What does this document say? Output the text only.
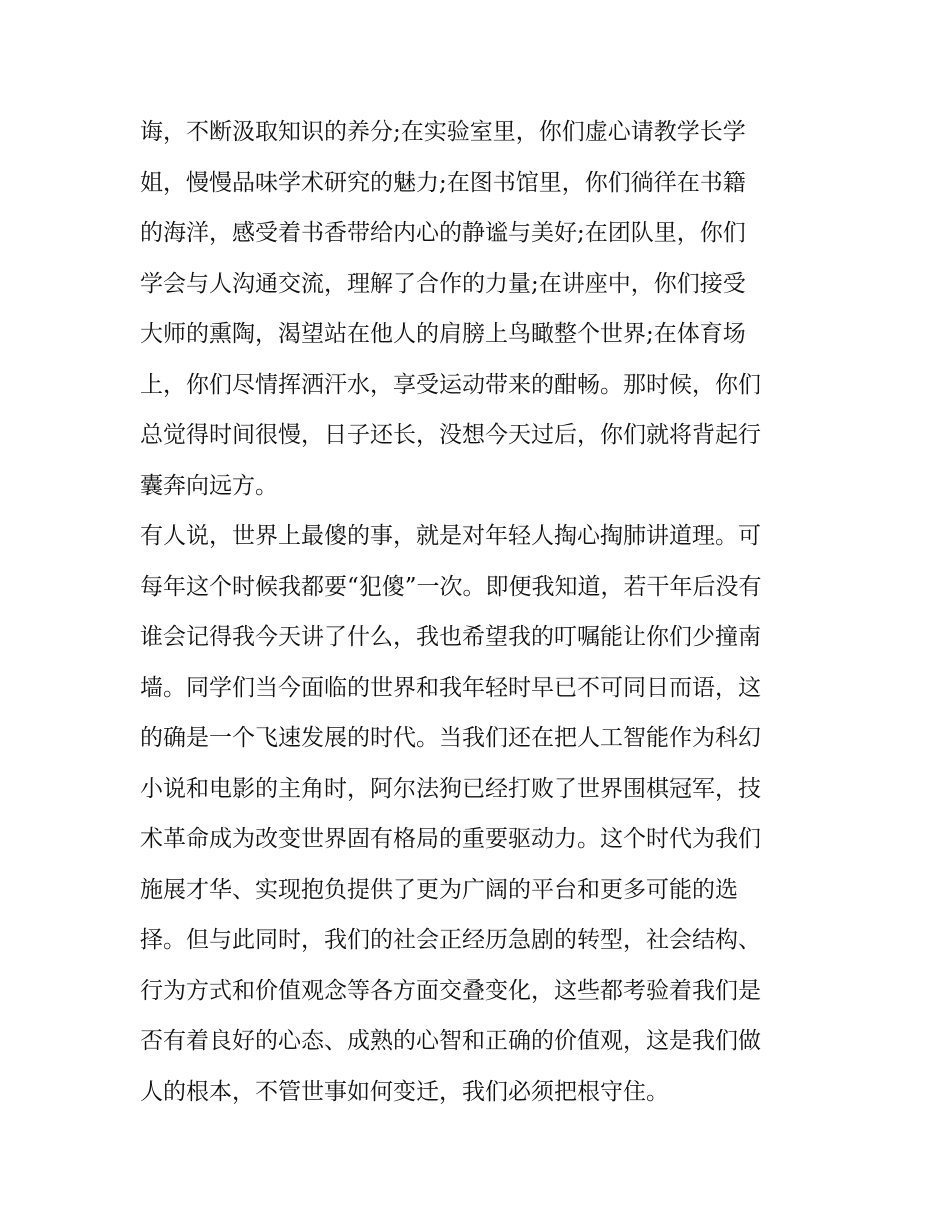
诲，不断汲取知识的养分;在实验室里，你们虚心请教学长学
姐，慢慢品味学术研究的魅力;在图书馆里，你们徜徉在书籍
的海洋，感受着书香带给内心的静谧与美好;在团队里，你们
学会与人沟通交流，理解了合作的力量;在讲座中，你们接受
大师的熏陶，渴望站在他人的肩膀上鸟瞰整个世界;在体育场
上，你们尽情挥洒汗水，享受运动带来的酣畅。那时候，你们
总觉得时间很慢，日子还长，没想今天过后，你们就将背起行
囊奔向远方。
有人说，世界上最傻的事，就是对年轻人掏心掏肺讲道理。可
每年这个时候我都要“犯傻”一次。即便我知道，若干年后没有
谁会记得我今天讲了什么，我也希望我的叮嘱能让你们少撞南
墙。同学们当今面临的世界和我年轻时早已不可同日而语，这
的确是一个飞速发展的时代。当我们还在把人工智能作为科幻
小说和电影的主角时，阿尔法狗已经打败了世界围棋冠军，技
术革命成为改变世界固有格局的重要驱动力。这个时代为我们
施展才华、实现抱负提供了更为广阔的平台和更多可能的选
择。但与此同时，我们的社会正经历急剧的转型，社会结构、
行为方式和价值观念等各方面交叠变化，这些都考验着我们是
否有着良好的心态、成熟的心智和正确的价值观，这是我们做
人的根本，不管世事如何变迁，我们必须把根守住。
